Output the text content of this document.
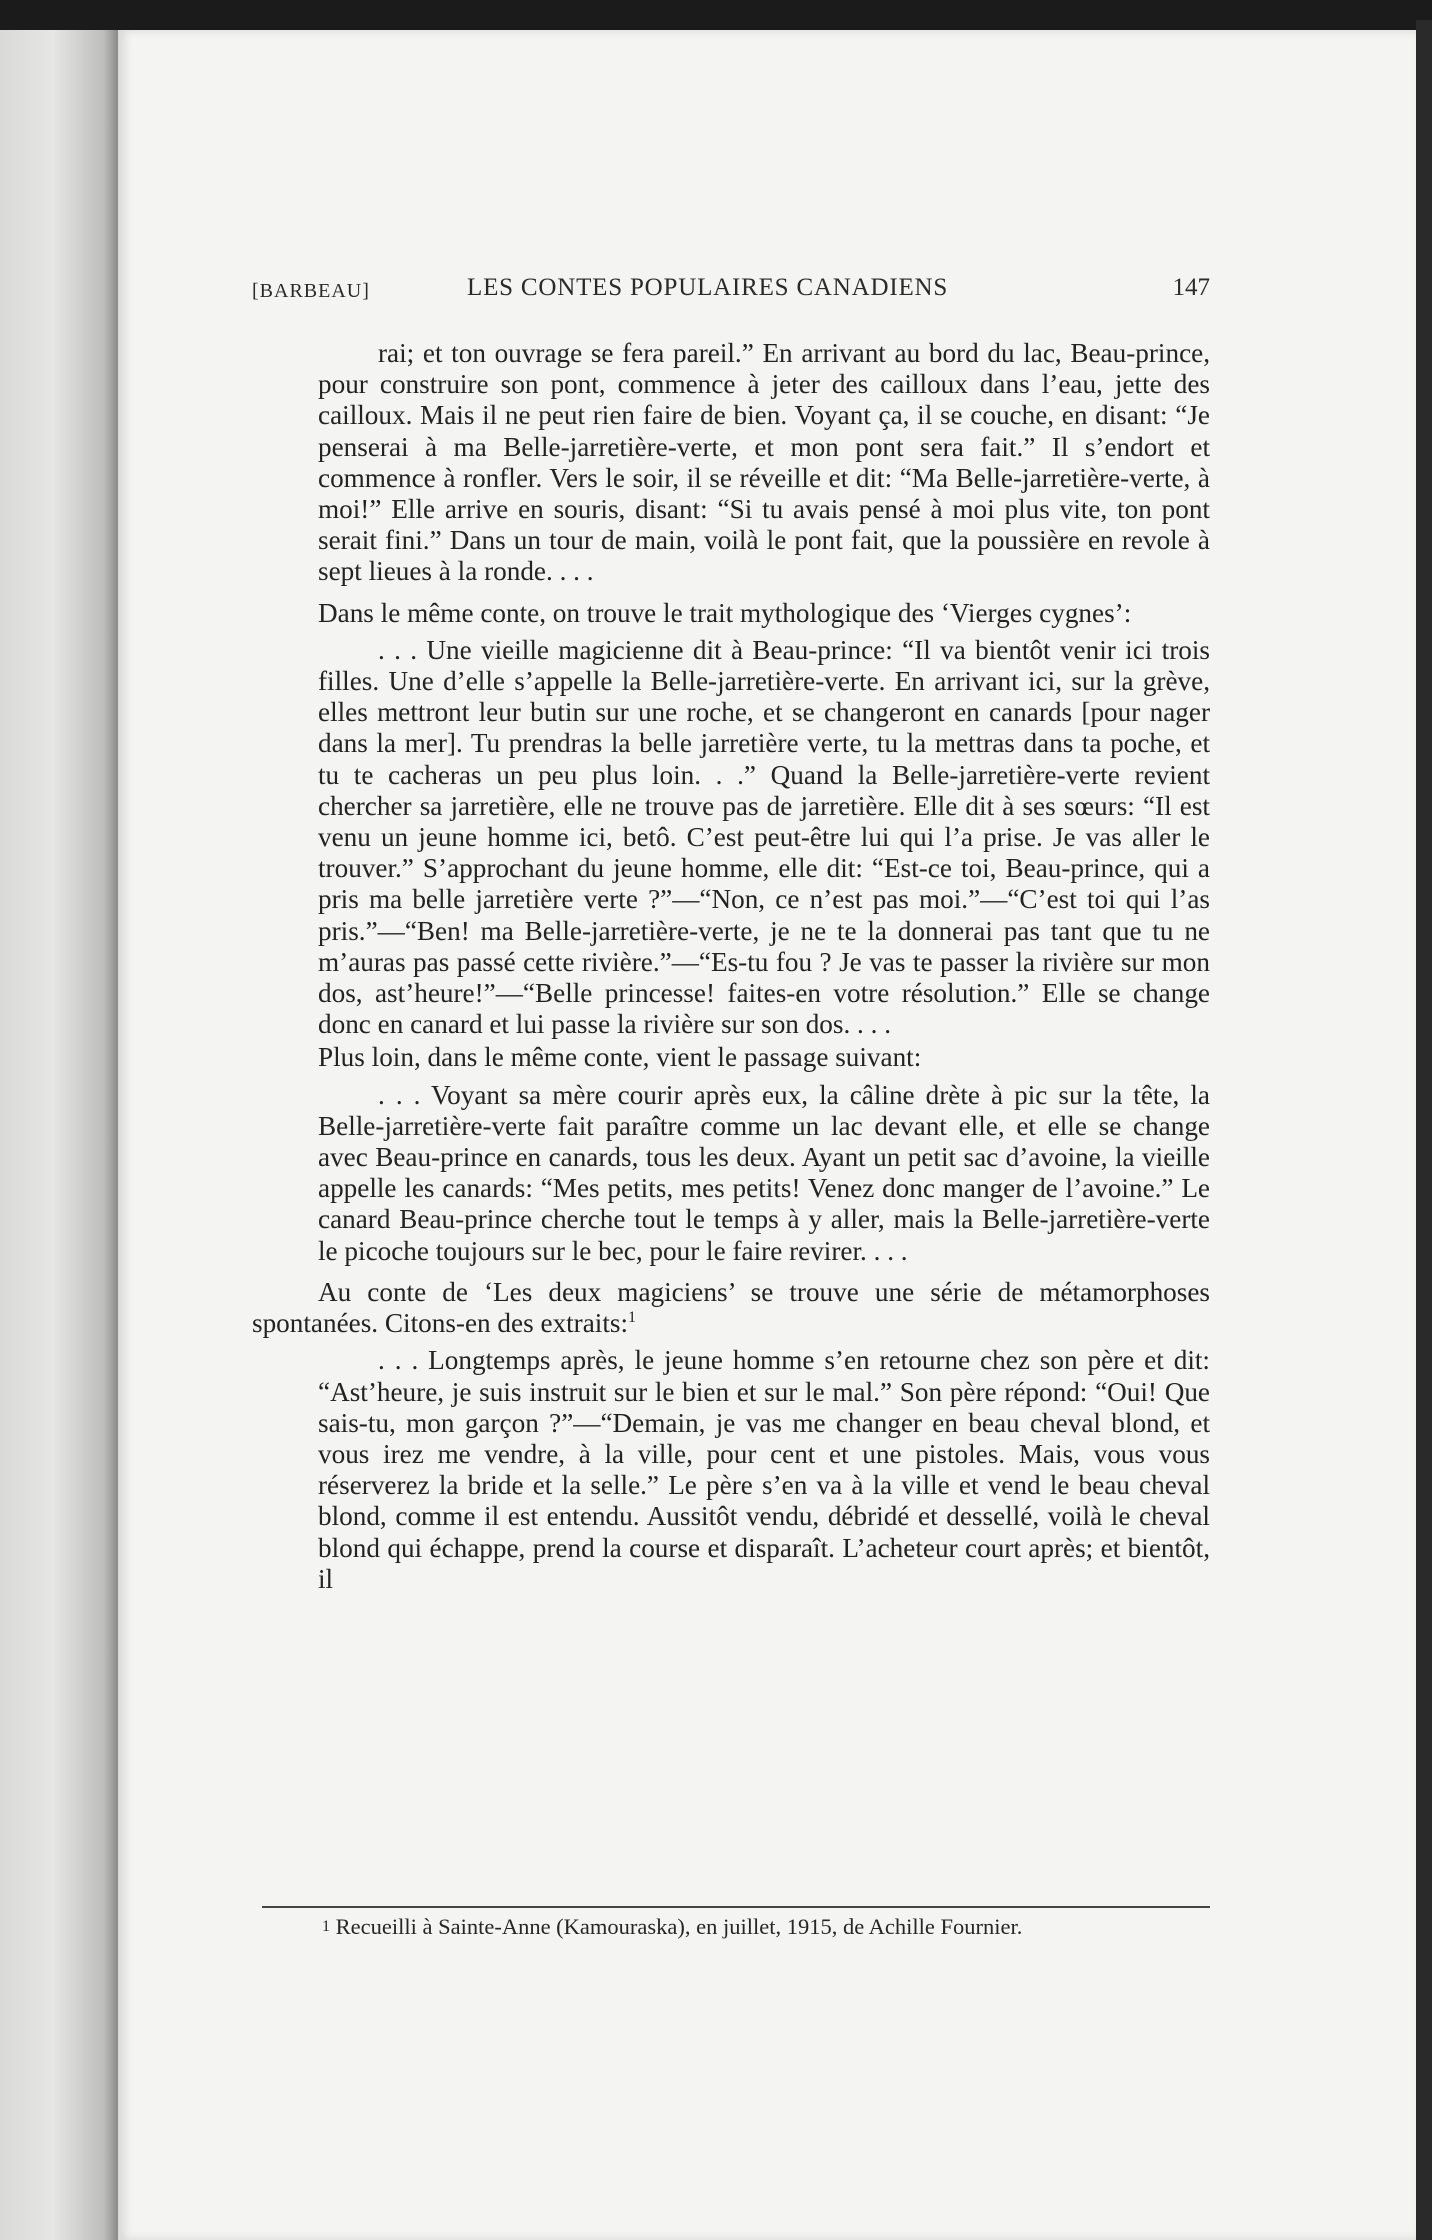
[BARBEAU]	LES CONTES POPULAIRES CANADIENS	147

rai; et ton ouvrage se fera pareil.” En arrivant au bord du lac, Beau-prince, pour construire son pont, commence à jeter des cailloux dans l’eau, jette des cailloux. Mais il ne peut rien faire de bien. Voyant ça, il se couche, en disant: “Je penserai à ma Belle-jarretière-verte, et mon pont sera fait.” Il s’endort et commence à ronfler. Vers le soir, il se réveille et dit: “Ma Belle-jarretière-verte, à moi!” Elle arrive en souris, disant: “Si tu avais pensé à moi plus vite, ton pont serait fini.” Dans un tour de main, voilà le pont fait, que la poussière en revole à sept lieues à la ronde. . . .

Dans le même conte, on trouve le trait mythologique des ‘Vierges cygnes’:

. . . Une vieille magicienne dit à Beau-prince: “Il va bientôt venir ici trois filles. Une d’elle s’appelle la Belle-jarretière-verte. En arrivant ici, sur la grève, elles mettront leur butin sur une roche, et se changeront en canards [pour nager dans la mer]. Tu prendras la belle jarretière verte, tu la mettras dans ta poche, et tu te cacheras un peu plus loin. . .” Quand la Belle-jarretière-verte revient chercher sa jarretière, elle ne trouve pas de jarretière. Elle dit à ses sœurs: “Il est venu un jeune homme ici, betô. C’est peut-être lui qui l’a prise. Je vas aller le trouver.” S’approchant du jeune homme, elle dit: “Est-ce toi, Beau-prince, qui a pris ma belle jarretière verte ?”—“Non, ce n’est pas moi.”—“C’est toi qui l’as pris.”—“Ben! ma Belle-jarretière-verte, je ne te la donnerai pas tant que tu ne m’auras pas passé cette rivière.”—“Es-tu fou ? Je vas te passer la rivière sur mon dos, ast’heure!”—“Belle princesse! faites-en votre résolution.” Elle se change donc en canard et lui passe la rivière sur son dos. . . .

Plus loin, dans le même conte, vient le passage suivant:

. . . Voyant sa mère courir après eux, la câline drète à pic sur la tête, la Belle-jarretière-verte fait paraître comme un lac devant elle, et elle se change avec Beau-prince en canards, tous les deux. Ayant un petit sac d’avoine, la vieille appelle les canards: “Mes petits, mes petits! Venez donc manger de l’avoine.” Le canard Beau-prince cherche tout le temps à y aller, mais la Belle-jarretière-verte le picoche toujours sur le bec, pour le faire revirer. . . .

Au conte de ‘Les deux magiciens’ se trouve une série de métamorphoses spontanées. Citons-en des extraits:$^1$

. . . Longtemps après, le jeune homme s’en retourne chez son père et dit: “Ast’heure, je suis instruit sur le bien et sur le mal.” Son père répond: “Oui! Que sais-tu, mon garçon ?”—“Demain, je vas me changer en beau cheval blond, et vous irez me vendre, à la ville, pour cent et une pistoles. Mais, vous vous réserverez la bride et la selle.” Le père s’en va à la ville et vend le beau cheval blond, comme il est entendu. Aussitôt vendu, débridé et dessellé, voilà le cheval blond qui échappe, prend la course et disparaît. L’acheteur court après; et bientôt, il

$^1$ Recueilli à Sainte-Anne (Kamouraska), en juillet, 1915, de Achille Fournier.
